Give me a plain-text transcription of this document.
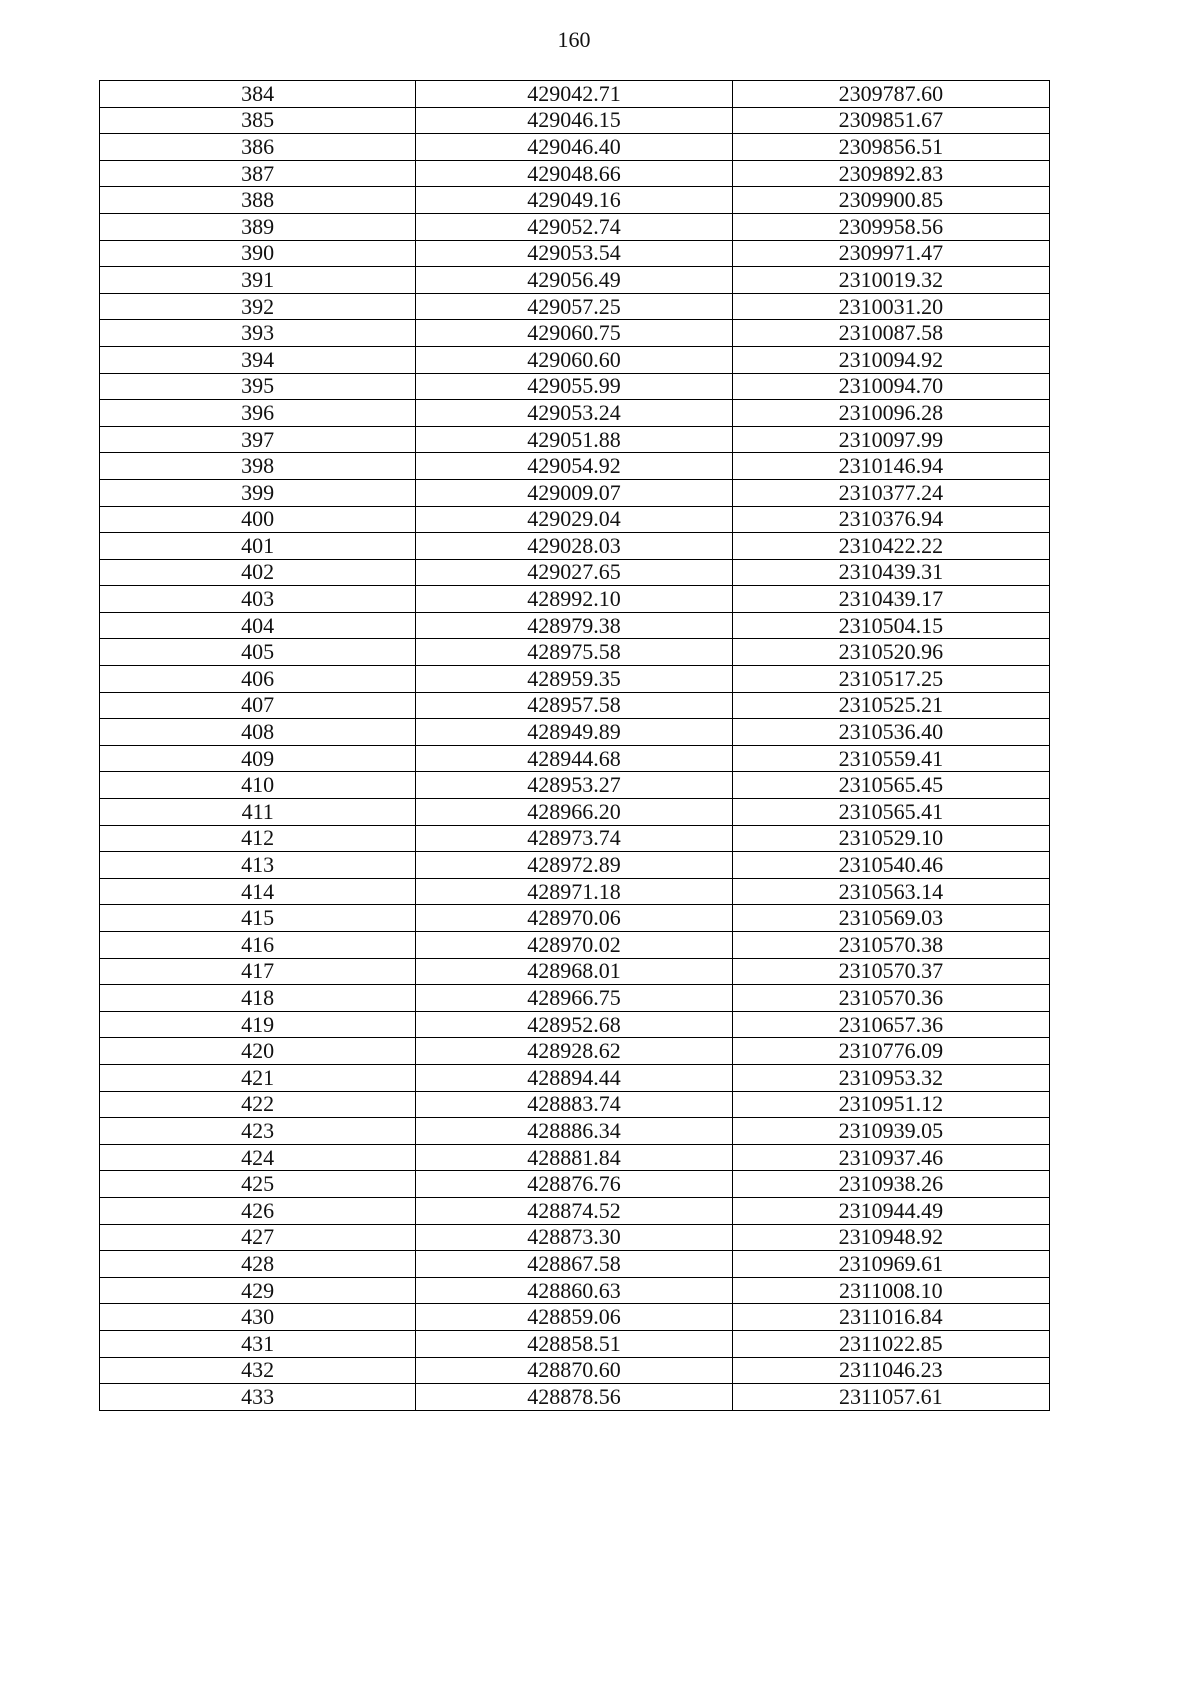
160
384	429042.71	2309787.60
385	429046.15	2309851.67
386	429046.40	2309856.51
387	429048.66	2309892.83
388	429049.16	2309900.85
389	429052.74	2309958.56
390	429053.54	2309971.47
391	429056.49	2310019.32
392	429057.25	2310031.20
393	429060.75	2310087.58
394	429060.60	2310094.92
395	429055.99	2310094.70
396	429053.24	2310096.28
397	429051.88	2310097.99
398	429054.92	2310146.94
399	429009.07	2310377.24
400	429029.04	2310376.94
401	429028.03	2310422.22
402	429027.65	2310439.31
403	428992.10	2310439.17
404	428979.38	2310504.15
405	428975.58	2310520.96
406	428959.35	2310517.25
407	428957.58	2310525.21
408	428949.89	2310536.40
409	428944.68	2310559.41
410	428953.27	2310565.45
411	428966.20	2310565.41
412	428973.74	2310529.10
413	428972.89	2310540.46
414	428971.18	2310563.14
415	428970.06	2310569.03
416	428970.02	2310570.38
417	428968.01	2310570.37
418	428966.75	2310570.36
419	428952.68	2310657.36
420	428928.62	2310776.09
421	428894.44	2310953.32
422	428883.74	2310951.12
423	428886.34	2310939.05
424	428881.84	2310937.46
425	428876.76	2310938.26
426	428874.52	2310944.49
427	428873.30	2310948.92
428	428867.58	2310969.61
429	428860.63	2311008.10
430	428859.06	2311016.84
431	428858.51	2311022.85
432	428870.60	2311046.23
433	428878.56	2311057.61
